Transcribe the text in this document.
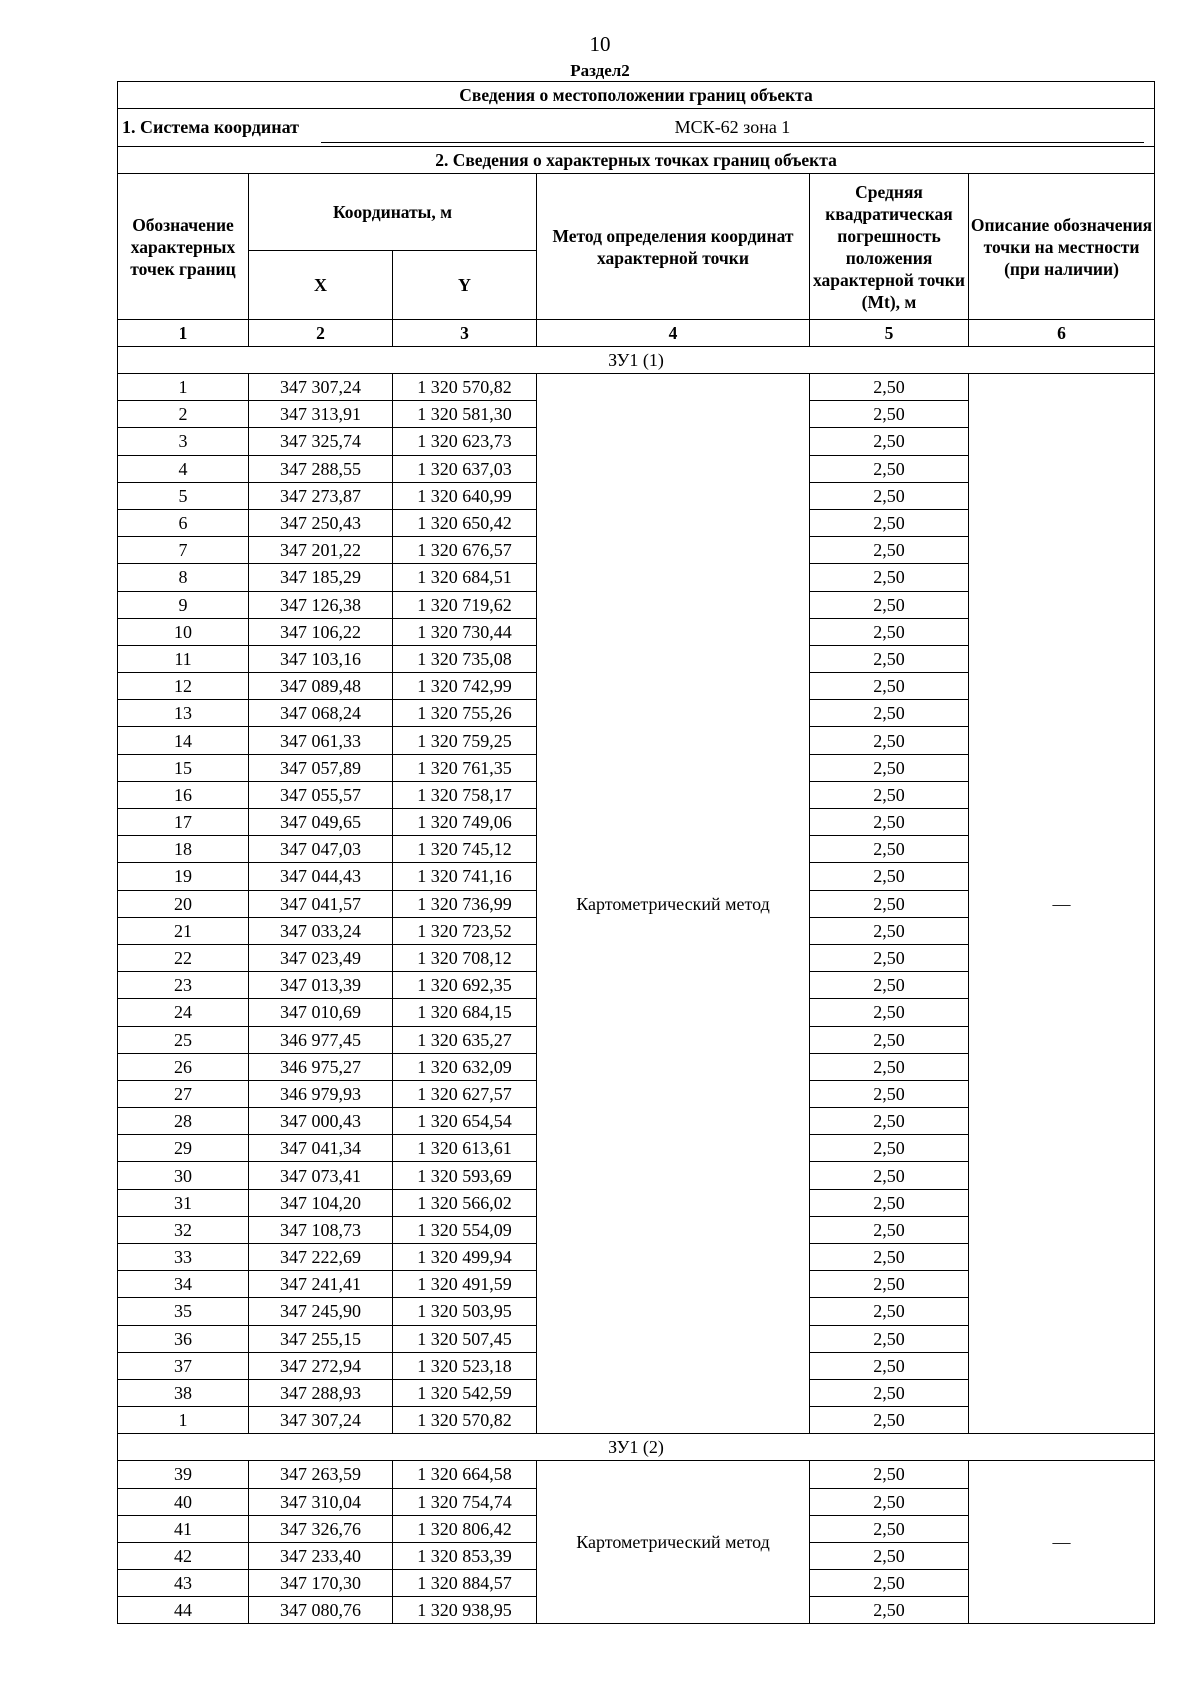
10
Раздел2
Сведения о местоположении границ объекта					

1. Система координат МСК-62 зона 1					

2. Сведения о характерных точках границ объекта					
Обозначение характерных точек границ	Координаты, м		Метод определения координат характерной точки	Средняя квадратическая погрешность положения характерной точки (Mt), м	Описание обозначения точки на местности (при наличии)
	X	Y			
1	2	3	4	5	6
ЗУ1 (1)					
1	347 307,24	1 320 570,82	Картометрический метод	2,50	—
2	347 313,91	1 320 581,30		2,50	
3	347 325,74	1 320 623,73		2,50	
4	347 288,55	1 320 637,03		2,50	
5	347 273,87	1 320 640,99		2,50	
6	347 250,43	1 320 650,42		2,50	
7	347 201,22	1 320 676,57		2,50	
8	347 185,29	1 320 684,51		2,50	
9	347 126,38	1 320 719,62		2,50	
10	347 106,22	1 320 730,44		2,50	
11	347 103,16	1 320 735,08		2,50	
12	347 089,48	1 320 742,99		2,50	
13	347 068,24	1 320 755,26		2,50	
14	347 061,33	1 320 759,25		2,50	
15	347 057,89	1 320 761,35		2,50	
16	347 055,57	1 320 758,17		2,50	
17	347 049,65	1 320 749,06		2,50	
18	347 047,03	1 320 745,12		2,50	
19	347 044,43	1 320 741,16		2,50	
20	347 041,57	1 320 736,99		2,50	
21	347 033,24	1 320 723,52		2,50	
22	347 023,49	1 320 708,12		2,50	
23	347 013,39	1 320 692,35		2,50	
24	347 010,69	1 320 684,15		2,50	
25	346 977,45	1 320 635,27		2,50	
26	346 975,27	1 320 632,09		2,50	
27	346 979,93	1 320 627,57		2,50	
28	347 000,43	1 320 654,54		2,50	
29	347 041,34	1 320 613,61		2,50	
30	347 073,41	1 320 593,69		2,50	
31	347 104,20	1 320 566,02		2,50	
32	347 108,73	1 320 554,09		2,50	
33	347 222,69	1 320 499,94		2,50	
34	347 241,41	1 320 491,59		2,50	
35	347 245,90	1 320 503,95		2,50	
36	347 255,15	1 320 507,45		2,50	
37	347 272,94	1 320 523,18		2,50	
38	347 288,93	1 320 542,59		2,50	
1	347 307,24	1 320 570,82		2,50	
ЗУ1 (2)					
39	347 263,59	1 320 664,58	Картометрический метод	2,50	—
40	347 310,04	1 320 754,74		2,50	
41	347 326,76	1 320 806,42		2,50	
42	347 233,40	1 320 853,39		2,50	
43	347 170,30	1 320 884,57		2,50	
44	347 080,76	1 320 938,95		2,50	
